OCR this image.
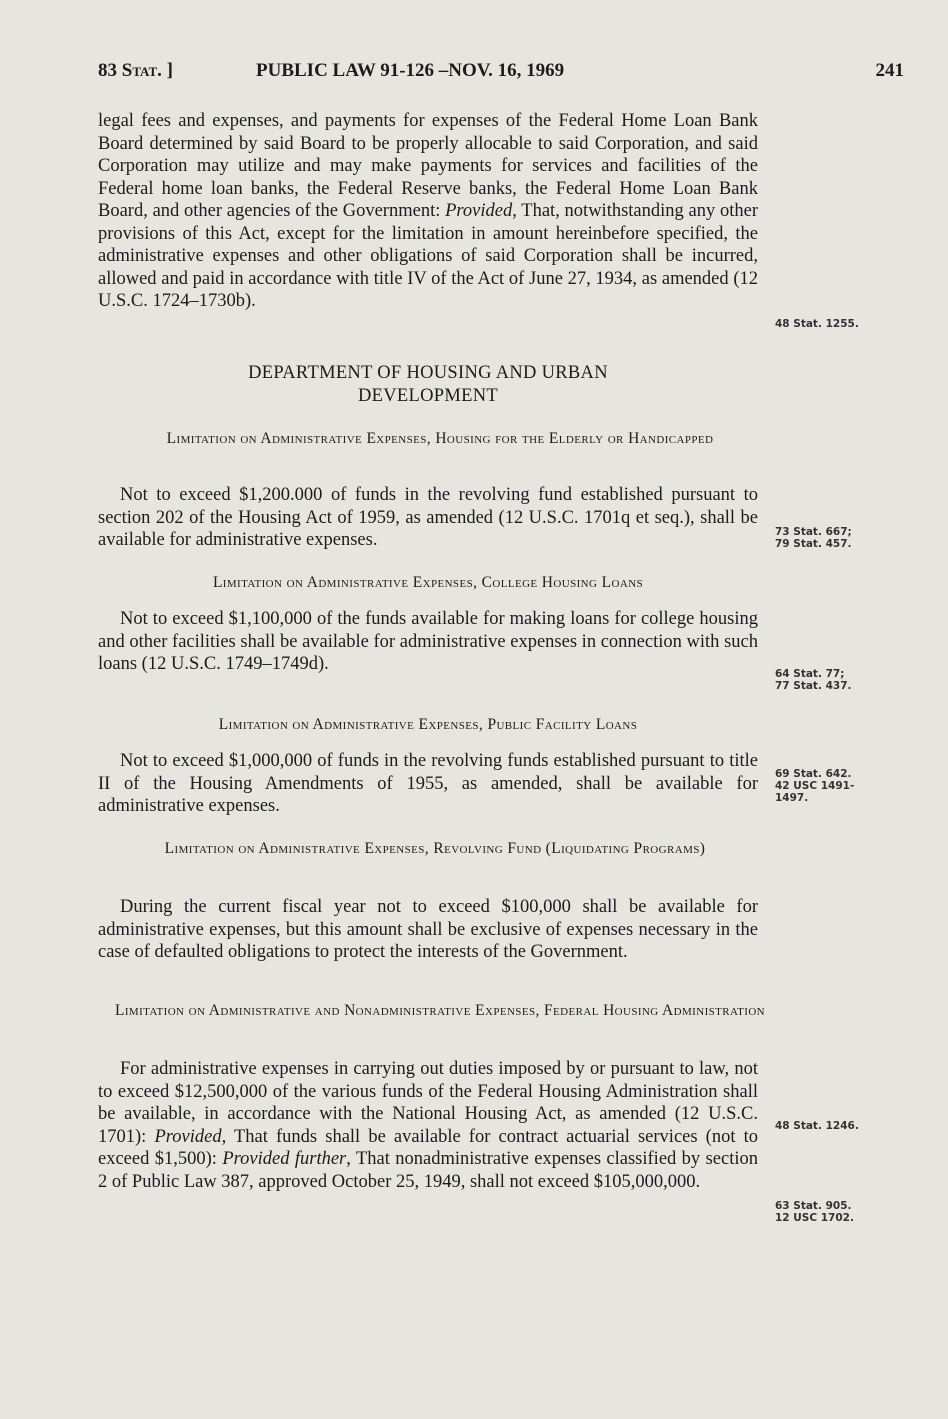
83 Stat. ]	PUBLIC LAW 91-126 –NOV. 16, 1969	241

legal fees and expenses, and payments for expenses of the Federal Home Loan Bank Board determined by said Board to be properly allocable to said Corporation, and said Corporation may utilize and may make payments for services and facilities of the Federal home loan banks, the Federal Reserve banks, the Federal Home Loan Bank Board, and other agencies of the Government: Provided, That, notwithstanding any other provisions of this Act, except for the limitation in amount hereinbefore specified, the administrative expenses and other obligations of said Corporation shall be incurred, allowed and paid in accordance with title IV of the Act of June 27, 1934, as amended (12 U.S.C. 1724–1730b).

DEPARTMENT OF HOUSING AND URBAN DEVELOPMENT

Limitation on Administrative Expenses, Housing for the Elderly or Handicapped

Not to exceed $1,200.000 of funds in the revolving fund established pursuant to section 202 of the Housing Act of 1959, as amended (12 U.S.C. 1701q et seq.), shall be available for administrative expenses.

Limitation on Administrative Expenses, College Housing Loans

Not to exceed $1,100,000 of the funds available for making loans for college housing and other facilities shall be available for administrative expenses in connection with such loans (12 U.S.C. 1749–1749d).

Limitation on Administrative Expenses, Public Facility Loans

Not to exceed $1,000,000 of funds in the revolving funds established pursuant to title II of the Housing Amendments of 1955, as amended, shall be available for administrative expenses.

Limitation on Administrative Expenses, Revolving Fund (Liquidating Programs)

During the current fiscal year not to exceed $100,000 shall be available for administrative expenses, but this amount shall be exclusive of expenses necessary in the case of defaulted obligations to protect the interests of the Government.

Limitation on Administrative and Nonadministrative Expenses, Federal Housing Administration

For administrative expenses in carrying out duties imposed by or pursuant to law, not to exceed $12,500,000 of the various funds of the Federal Housing Administration shall be available, in accordance with the National Housing Act, as amended (12 U.S.C. 1701): Provided, That funds shall be available for contract actuarial services (not to exceed $1,500): Provided further, That nonadministrative expenses classified by section 2 of Public Law 387, approved October 25, 1949, shall not exceed $105,000,000.

48 Stat. 1255.
73 Stat. 667;
79 Stat. 457.
64 Stat. 77;
77 Stat. 437.
69 Stat. 642.
42 USC 1491-
1497.
48 Stat. 1246.
63 Stat. 905.
12 USC 1702.
